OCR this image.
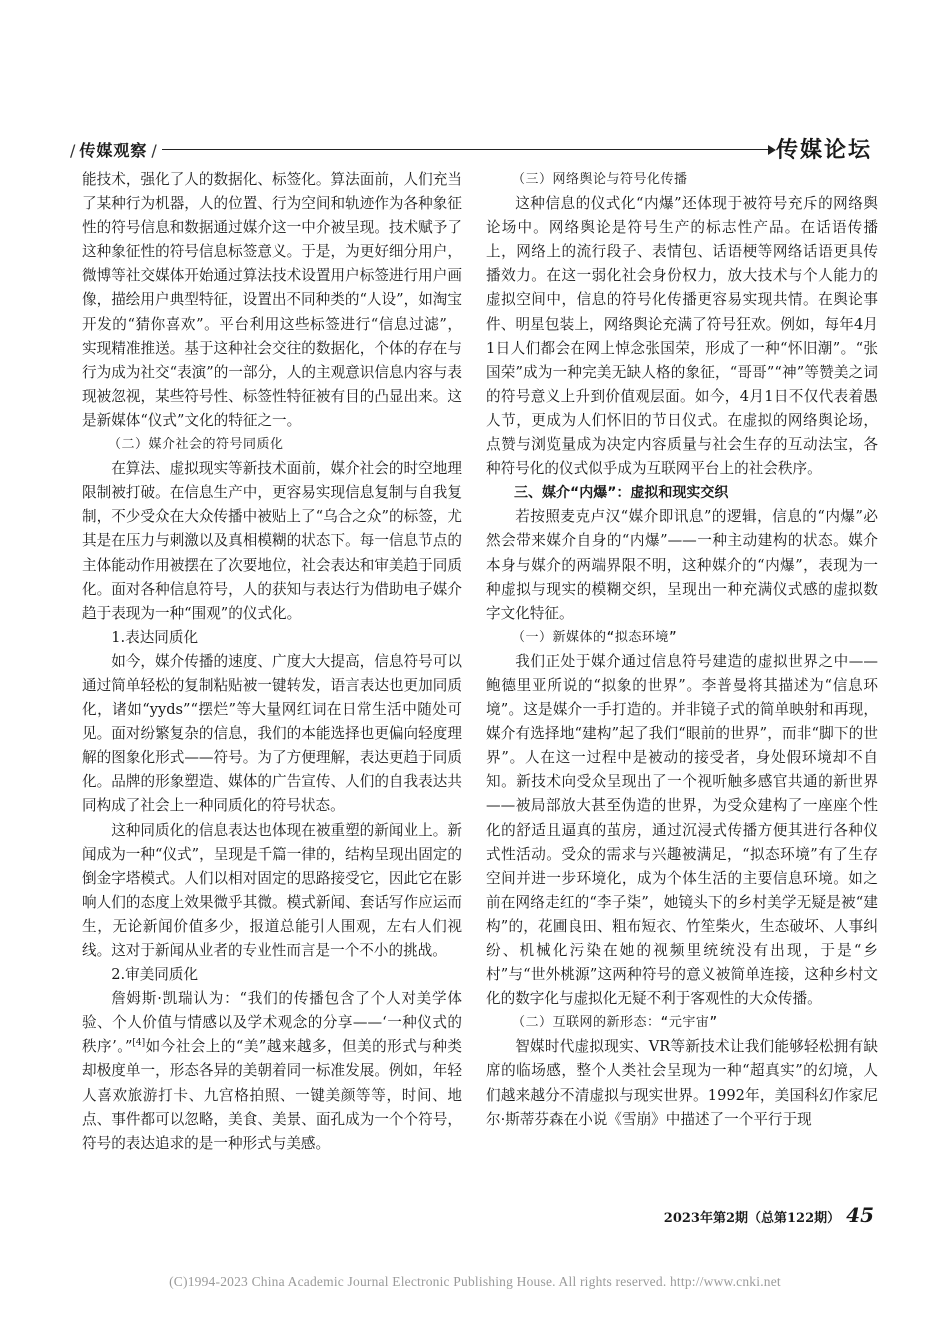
/ 传媒观察 /	传媒论坛

能技术，强化了人的数据化、标签化。算法面前，人们充当了某种行为机器，人的位置、行为空间和轨迹作为各种象征性的符号信息和数据通过媒介这一中介被呈现。技术赋予了这种象征性的符号信息标签意义。于是，为更好细分用户，微博等社交媒体开始通过算法技术设置用户标签进行用户画像，描绘用户典型特征，设置出不同种类的“人设”，如淘宝开发的“猜你喜欢”。平台利用这些标签进行“信息过滤”，实现精准推送。基于这种社会交往的数据化，个体的存在与行为成为社交“表演”的一部分，人的主观意识信息内容与表现被忽视，某些符号性、标签性特征被有目的凸显出来。这是新媒体“仪式”文化的特征之一。

（二）媒介社会的符号同质化

在算法、虚拟现实等新技术面前，媒介社会的时空地理限制被打破。在信息生产中，更容易实现信息复制与自我复制，不少受众在大众传播中被贴上了“乌合之众”的标签，尤其是在压力与刺激以及真相模糊的状态下。每一信息节点的主体能动作用被摆在了次要地位，社会表达和审美趋于同质化。面对各种信息符号，人的获知与表达行为借助电子媒介趋于表现为一种“围观”的仪式化。

1.表达同质化

如今，媒介传播的速度、广度大大提高，信息符号可以通过简单轻松的复制粘贴被一键转发，语言表达也更加同质化，诸如“yyds”“摆烂”等大量网红词在日常生活中随处可见。面对纷繁复杂的信息，我们的本能选择也更偏向轻度理解的图象化形式——符号。为了方便理解，表达更趋于同质化。品牌的形象塑造、媒体的广告宣传、人们的自我表达共同构成了社会上一种同质化的符号状态。

这种同质化的信息表达也体现在被重塑的新闻业上。新闻成为一种“仪式”，呈现是千篇一律的，结构呈现出固定的倒金字塔模式。人们以相对固定的思路接受它，因此它在影响人们的态度上效果微乎其微。模式新闻、套话写作应运而生，无论新闻价值多少，报道总能引人围观，左右人们视线。这对于新闻从业者的专业性而言是一个不小的挑战。

2.审美同质化

詹姆斯·凯瑞认为：“我们的传播包含了个人对美学体验、个人价值与情感以及学术观念的分享——‘一种仪式的秩序’。”[4]如今社会上的“美”越来越多，但美的形式与种类却极度单一，形态各异的美朝着同一标准发展。例如，年轻人喜欢旅游打卡、九宫格拍照、一键美颜等等，时间、地点、事件都可以忽略，美食、美景、面孔成为一个个符号，符号的表达追求的是一种形式与美感。

（三）网络舆论与符号化传播

这种信息的仪式化“内爆”还体现于被符号充斥的网络舆论场中。网络舆论是符号生产的标志性产品。在话语传播上，网络上的流行段子、表情包、话语梗等网络话语更具传播效力。在这一弱化社会身份权力，放大技术与个人能力的虚拟空间中，信息的符号化传播更容易实现共情。在舆论事件、明星包装上，网络舆论充满了符号狂欢。例如，每年4月1日人们都会在网上悼念张国荣，形成了一种“怀旧潮”。“张国荣”成为一种完美无缺人格的象征，“哥哥”“神”等赞美之词的符号意义上升到价值观层面。如今，4月1日不仅代表着愚人节，更成为人们怀旧的节日仪式。在虚拟的网络舆论场，点赞与浏览量成为决定内容质量与社会生存的互动法宝，各种符号化的仪式似乎成为互联网平台上的社会秩序。

三、媒介“内爆”：虚拟和现实交织

若按照麦克卢汉“媒介即讯息”的逻辑，信息的“内爆”必然会带来媒介自身的“内爆”——一种主动建构的状态。媒介本身与媒介的两端界限不明，这种媒介的“内爆”，表现为一种虚拟与现实的模糊交织，呈现出一种充满仪式感的虚拟数字文化特征。

（一）新媒体的“拟态环境”

我们正处于媒介通过信息符号建造的虚拟世界之中——鲍德里亚所说的“拟象的世界”。李普曼将其描述为“信息环境”。这是媒介一手打造的。并非镜子式的简单映射和再现，媒介有选择地“建构”起了我们“眼前的世界”，而非“脚下的世界”。人在这一过程中是被动的接受者，身处假环境却不自知。新技术向受众呈现出了一个视听触多感官共通的新世界——被局部放大甚至伪造的世界，为受众建构了一座座个性化的舒适且逼真的茧房，通过沉浸式传播方便其进行各种仪式性活动。受众的需求与兴趣被满足，“拟态环境”有了生存空间并进一步环境化，成为个体生活的主要信息环境。如之前在网络走红的“李子柒”，她镜头下的乡村美学无疑是被“建构”的，花圃良田、粗布短衣、竹笙柴火，生态破坏、人事纠纷、机械化污染在她的视频里统统没有出现，于是“乡村”与“世外桃源”这两种符号的意义被简单连接，这种乡村文化的数字化与虚拟化无疑不利于客观性的大众传播。

（二）互联网的新形态：“元宇宙”

智媒时代虚拟现实、VR等新技术让我们能够轻松拥有缺席的临场感，整个人类社会呈现为一种“超真实”的幻境，人们越来越分不清虚拟与现实世界。1992年，美国科幻作家尼尔·斯蒂芬森在小说《雪崩》中描述了一个平行于现

2023年第2期（总第122期） 45
(C)1994-2023 China Academic Journal Electronic Publishing House. All rights reserved. http://www.cnki.net
